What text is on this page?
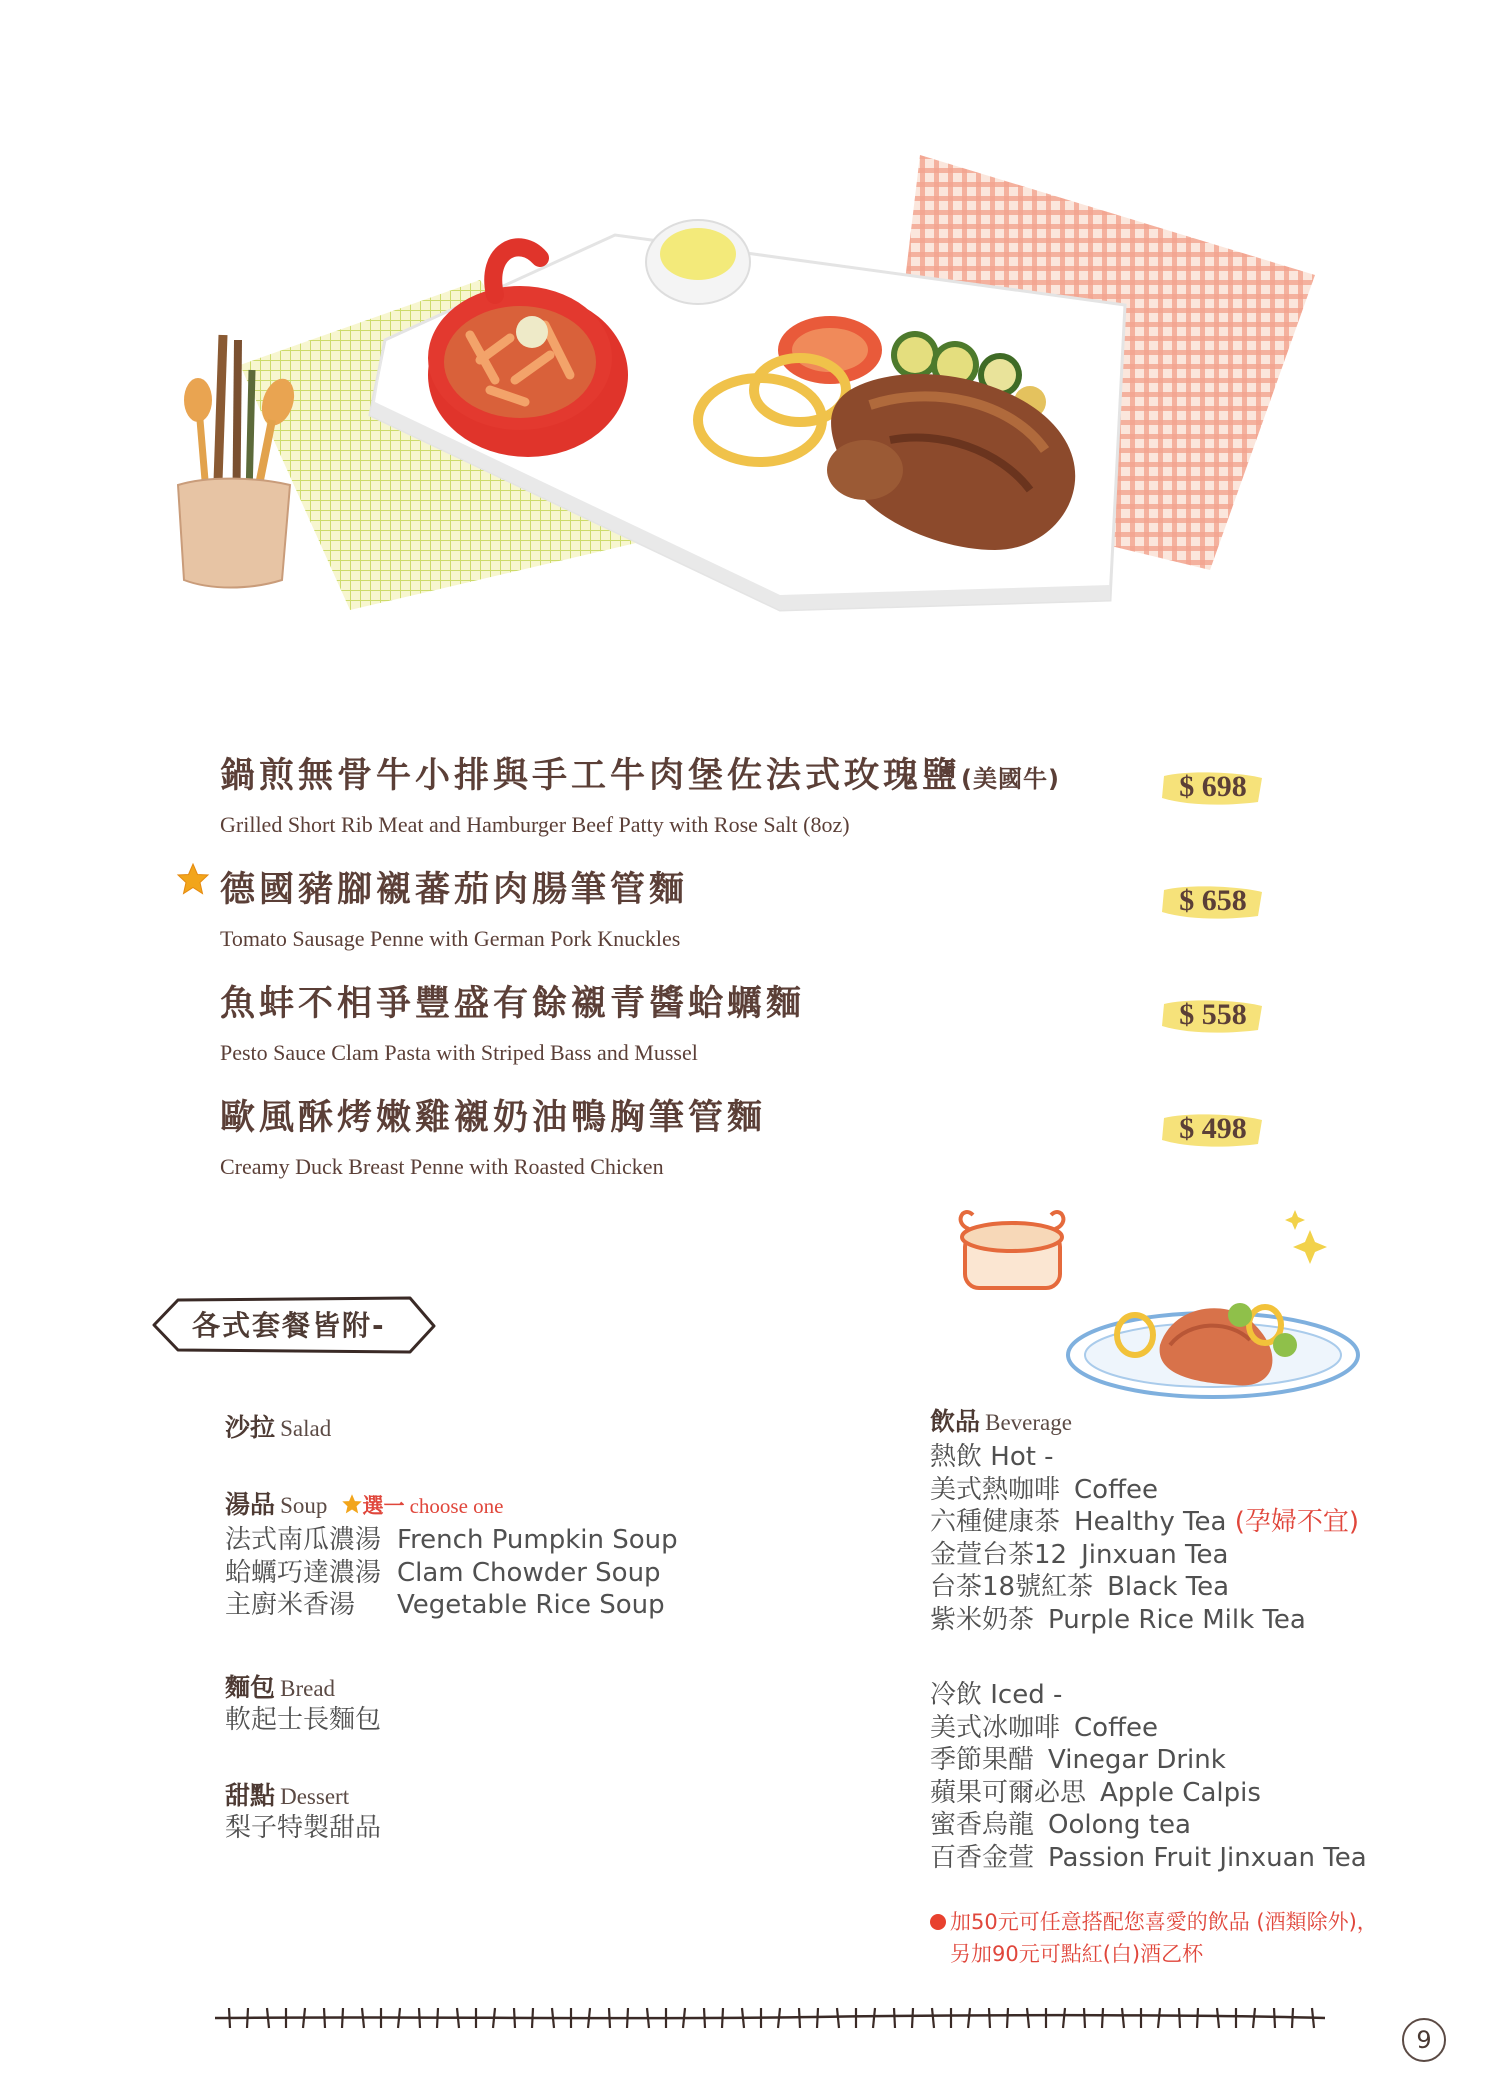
鍋煎無骨牛小排與手工牛肉堡佐法式玫瑰鹽(美國牛)
Grilled Short Rib Meat and Hamburger Beef Patty with Rose Salt (8oz)
$ 698
德國豬腳襯蕃茄肉腸筆管麵
Tomato Sausage Penne with German Pork Knuckles
$ 658
魚蚌不相爭豐盛有餘襯青醬蛤蠣麵
Pesto Sauce Clam Pasta with Striped Bass and Mussel
$ 558
歐風酥烤嫩雞襯奶油鴨胸筆管麵
Creamy Duck Breast Penne with Roasted Chicken
$ 498
各式套餐皆附-
沙拉 Salad
湯品 Soup 選一 choose one
法式南瓜濃湯 French Pumpkin Soup
蛤蠣巧達濃湯 Clam Chowder Soup
主廚米香湯 Vegetable Rice Soup
麵包 Bread
軟起士長麵包
甜點 Dessert
梨子特製甜品
飲品 Beverage
熱飲 Hot -
美式熱咖啡 Coffee
六種健康茶 Healthy Tea (孕婦不宜)
金萱台茶12 Jinxuan Tea
台茶18號紅茶 Black Tea
紫米奶茶 Purple Rice Milk Tea
冷飲 Iced -
美式冰咖啡 Coffee
季節果醋 Vinegar Drink
蘋果可爾必思 Apple Calpis
蜜香烏龍 Oolong tea
百香金萱 Passion Fruit Jinxuan Tea
加50元可任意搭配您喜愛的飲品 (酒類除外)，
另加90元可點紅(白)酒乙杯
9
